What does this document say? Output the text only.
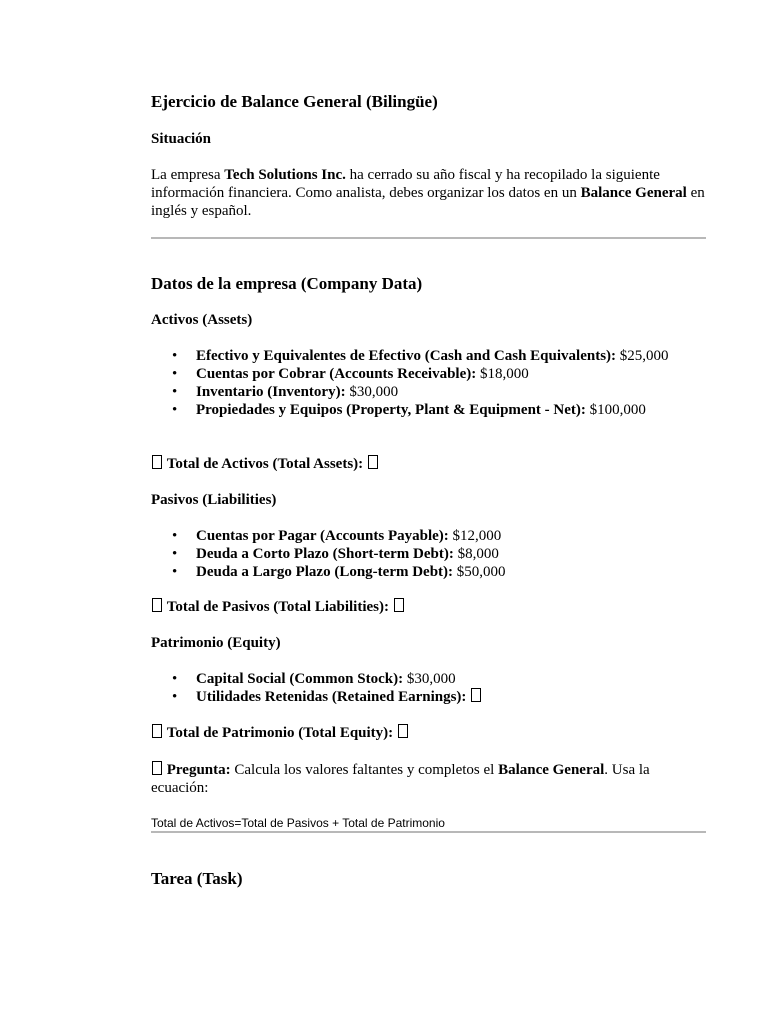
Ejercicio de Balance General (Bilingüe)
Situación

La empresa Tech Solutions Inc. ha cerrado su año fiscal y ha recopilado la siguiente información financiera. Como analista, debes organizar los datos en un Balance General en inglés y español.

Datos de la empresa (Company Data)
Activos (Assets)
• Efectivo y Equivalentes de Efectivo (Cash and Cash Equivalents): $25,000
• Cuentas por Cobrar (Accounts Receivable): $18,000
• Inventario (Inventory): $30,000
• Propiedades y Equipos (Property, Plant & Equipment - Net): $100,000
Total de Activos (Total Assets):
Pasivos (Liabilities)
• Cuentas por Pagar (Accounts Payable): $12,000
• Deuda a Corto Plazo (Short-term Debt): $8,000
• Deuda a Largo Plazo (Long-term Debt): $50,000
Total de Pasivos (Total Liabilities):
Patrimonio (Equity)
• Capital Social (Common Stock): $30,000
• Utilidades Retenidas (Retained Earnings):
Total de Patrimonio (Total Equity):

Pregunta: Calcula los valores faltantes y completos el Balance General. Usa la ecuación:

Total de Activos=Total de Pasivos + Total de Patrimonio
Tarea (Task)
